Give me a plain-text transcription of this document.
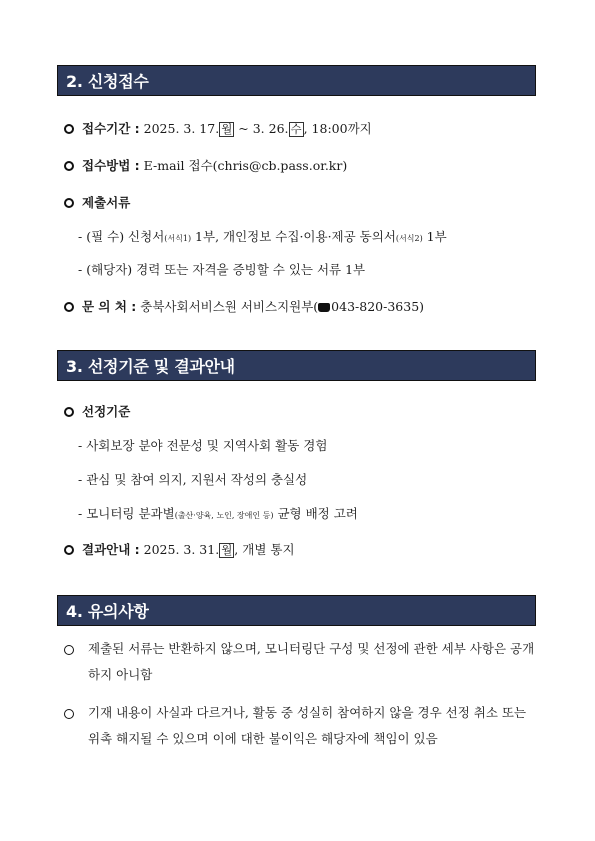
2. 신청접수
접수기간 : 2025. 3. 17. 월 ~ 3. 26. 수 , 18:00까지
접수방법 : E-mail 접수(chris@cb.pass.or.kr)
제출서류
- (필 수) 신청서(서식1) 1부, 개인정보 수집·이용·제공 동의서(서식2) 1부
- (해당자) 경력 또는 자격을 증빙할 수 있는 서류 1부
문 의 처 : 충북사회서비스원 서비스지원부( 043-820-3635)
3. 선정기준 및 결과안내
선정기준
- 사회보장 분야 전문성 및 지역사회 활동 경험
- 관심 및 참여 의지, 지원서 작성의 충실성
- 모니터링 분과별(출산·양육, 노인, 장애인 등) 균형 배정 고려
결과안내 : 2025. 3. 31. 월 , 개별 통지
4. 유의사항
제출된 서류는 반환하지 않으며, 모니터링단 구성 및 선정에 관한 세부 사항은 공개하지 아니함
기재 내용이 사실과 다르거나, 활동 중 성실히 참여하지 않을 경우 선정 취소 또는 위촉 해지될 수 있으며 이에 대한 불이익은 해당자에 책임이 있음
